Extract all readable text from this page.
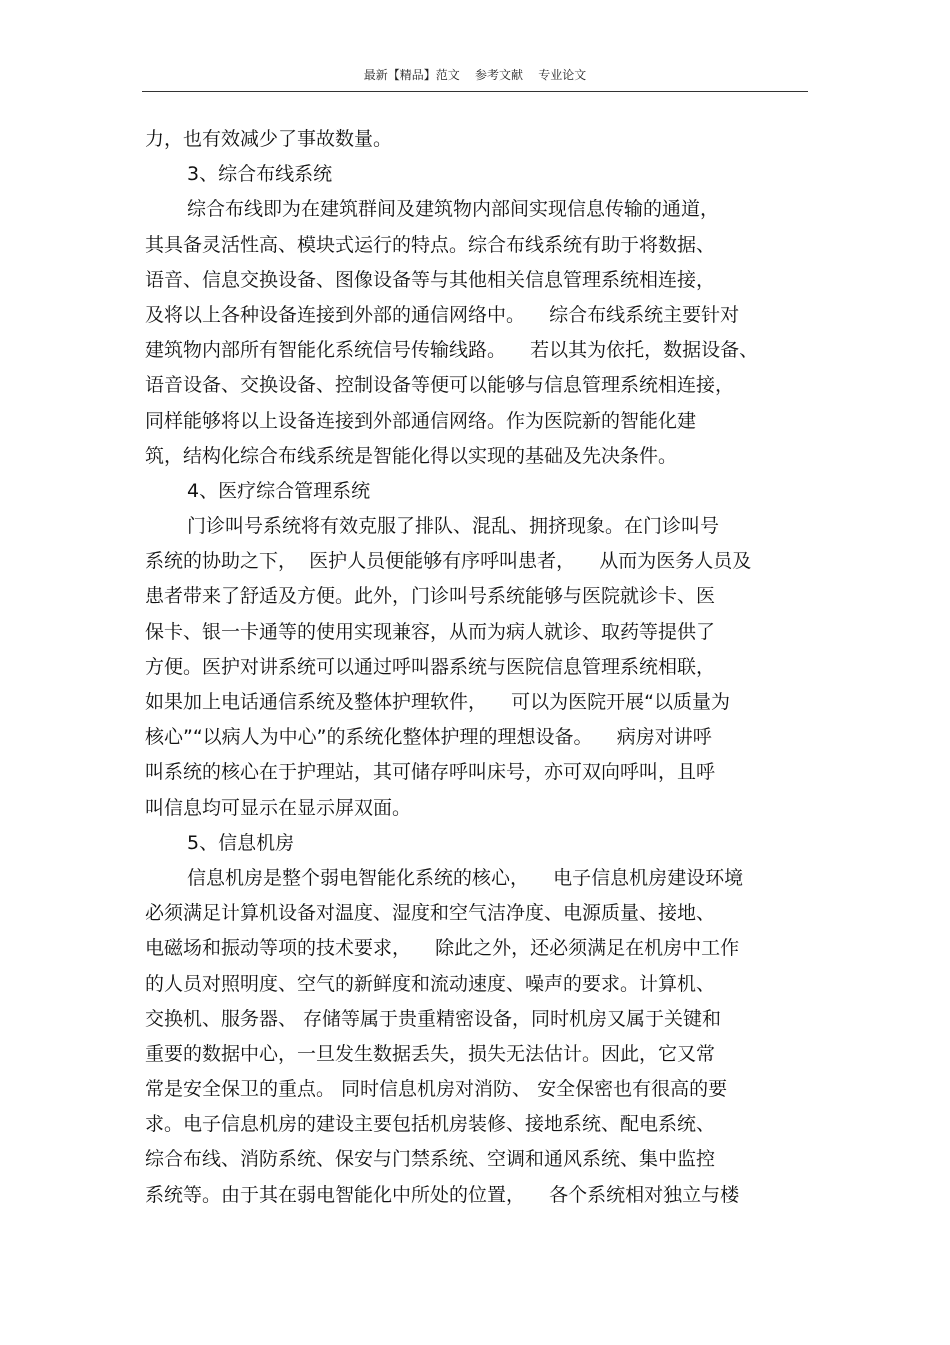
最新【精品】范文    参考文献    专业论文
力，也有效减少了事故数量。
3、综合布线系统
综合布线即为在建筑群间及建筑物内部间实现信息传输的通道，
其具备灵活性高、模块式运行的特点。综合布线系统有助于将数据、
语音、信息交换设备、图像设备等与其他相关信息管理系统相连接，
及将以上各种设备连接到外部的通信网络中。    综合布线系统主要针对
建筑物内部所有智能化系统信号传输线路。    若以其为依托，数据设备、
语音设备、交换设备、控制设备等便可以能够与信息管理系统相连接，
同样能够将以上设备连接到外部通信网络。作为医院新的智能化建
筑，结构化综合布线系统是智能化得以实现的基础及先决条件。
4、医疗综合管理系统
门诊叫号系统将有效克服了排队、混乱、拥挤现象。在门诊叫号
系统的协助之下，  医护人员便能够有序呼叫患者，    从而为医务人员及
患者带来了舒适及方便。此外，门诊叫号系统能够与医院就诊卡、医
保卡、银一卡通等的使用实现兼容，从而为病人就诊、取药等提供了
方便。医护对讲系统可以通过呼叫器系统与医院信息管理系统相联，
如果加上电话通信系统及整体护理软件，    可以为医院开展“以质量为
核心”“以病人为中心”的系统化整体护理的理想设备。    病房对讲呼
叫系统的核心在于护理站，其可储存呼叫床号，亦可双向呼叫，且呼
叫信息均可显示在显示屏双面。
5、信息机房
信息机房是整个弱电智能化系统的核心，    电子信息机房建设环境
必须满足计算机设备对温度、湿度和空气洁净度、电源质量、接地、
电磁场和振动等项的技术要求，    除此之外，还必须满足在机房中工作
的人员对照明度、空气的新鲜度和流动速度、噪声的要求。计算机、
交换机、服务器、 存储等属于贵重精密设备，同时机房又属于关键和
重要的数据中心，一旦发生数据丢失，损失无法估计。因此，它又常
常是安全保卫的重点。 同时信息机房对消防、 安全保密也有很高的要
求。电子信息机房的建设主要包括机房装修、接地系统、配电系统、
综合布线、消防系统、保安与门禁系统、空调和通风系统、集中监控
系统等。由于其在弱电智能化中所处的位置，    各个系统相对独立与楼
